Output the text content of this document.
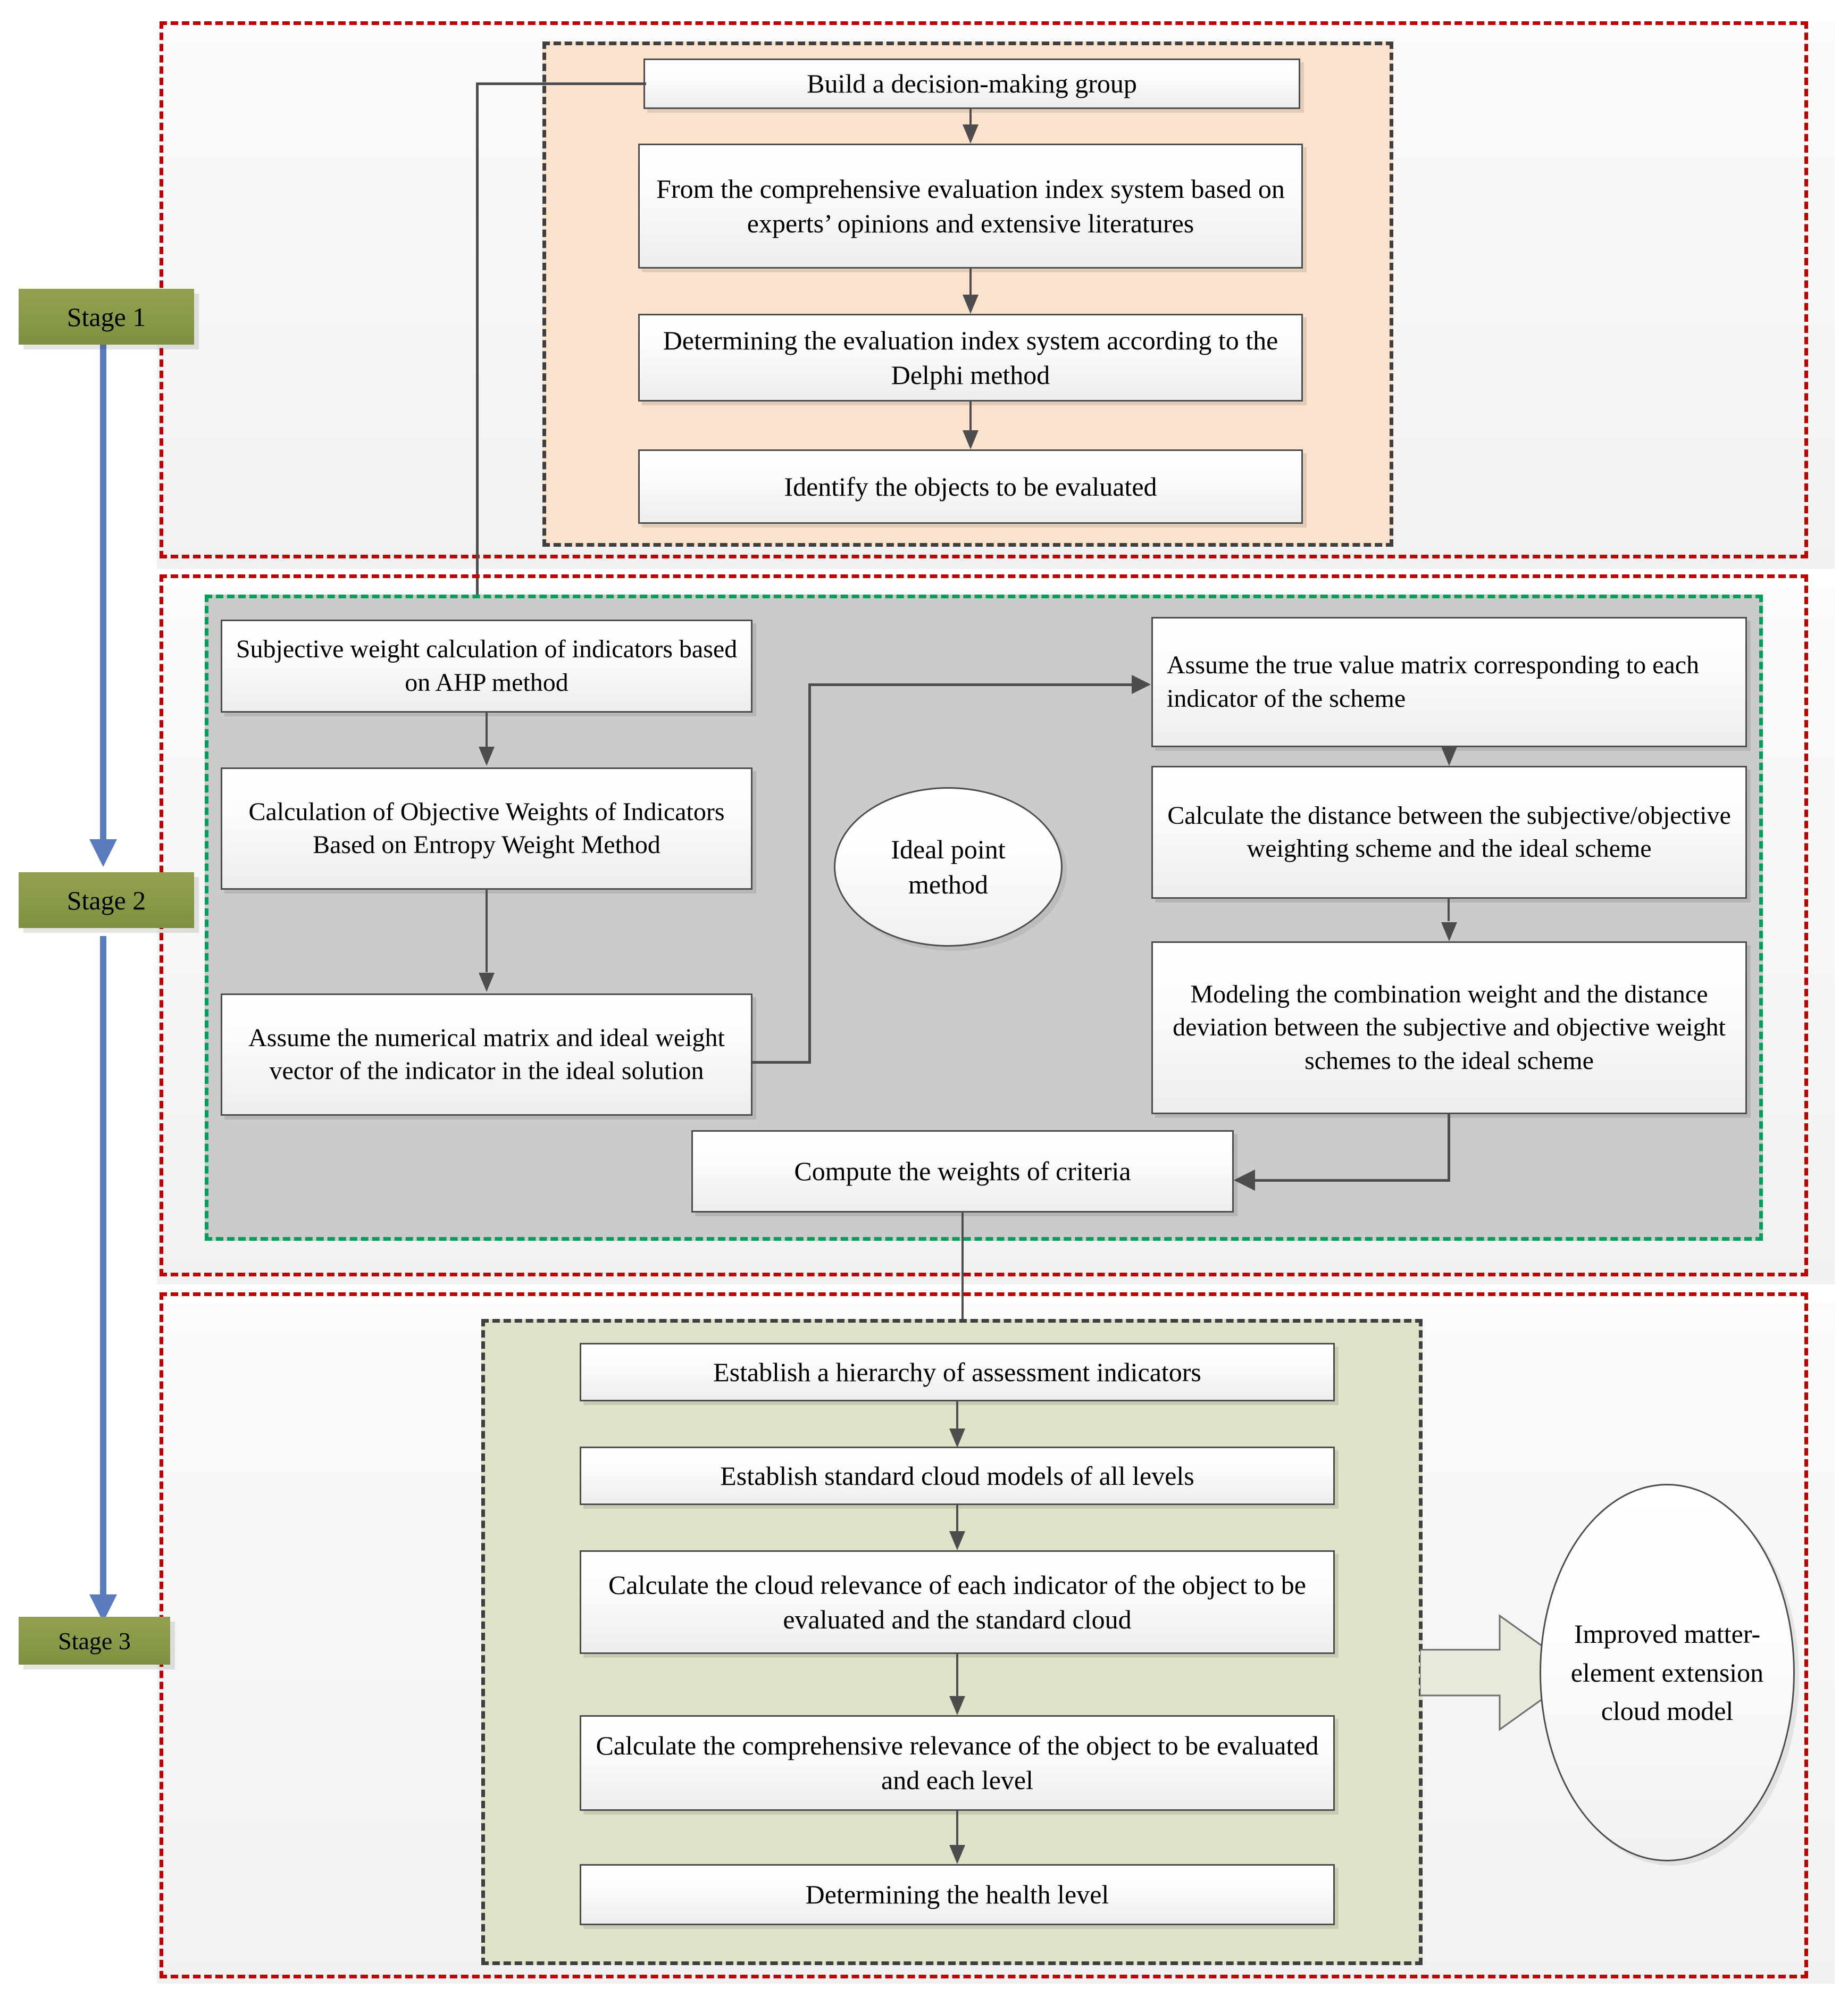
Build a decision-making group
From the comprehensive evaluation index system based on experts’ opinions and extensive literatures
Determining the evaluation index system according to the Delphi method
Identify the objects to be evaluated
Subjective weight calculation of indicators based on AHP method
Calculation of Objective Weights of Indicators Based on Entropy Weight Method
Assume the numerical matrix and ideal weight vector of the indicator in the ideal solution
Ideal point method
Assume the true value matrix corresponding to each indicator of the scheme
Calculate the distance between the subjective/objective weighting scheme and the ideal scheme
Modeling the combination weight and the distance deviation between the subjective and objective weight schemes to the ideal scheme
Compute the weights of criteria
Establish a hierarchy of assessment indicators
Establish standard cloud models of all levels
Calculate the cloud relevance of each indicator of the object to be evaluated and the standard cloud
Calculate the comprehensive relevance of the object to be evaluated and each level
Determining the health level
Improved matter-element extension cloud model
Stage 1
Stage 2
Stage 3
